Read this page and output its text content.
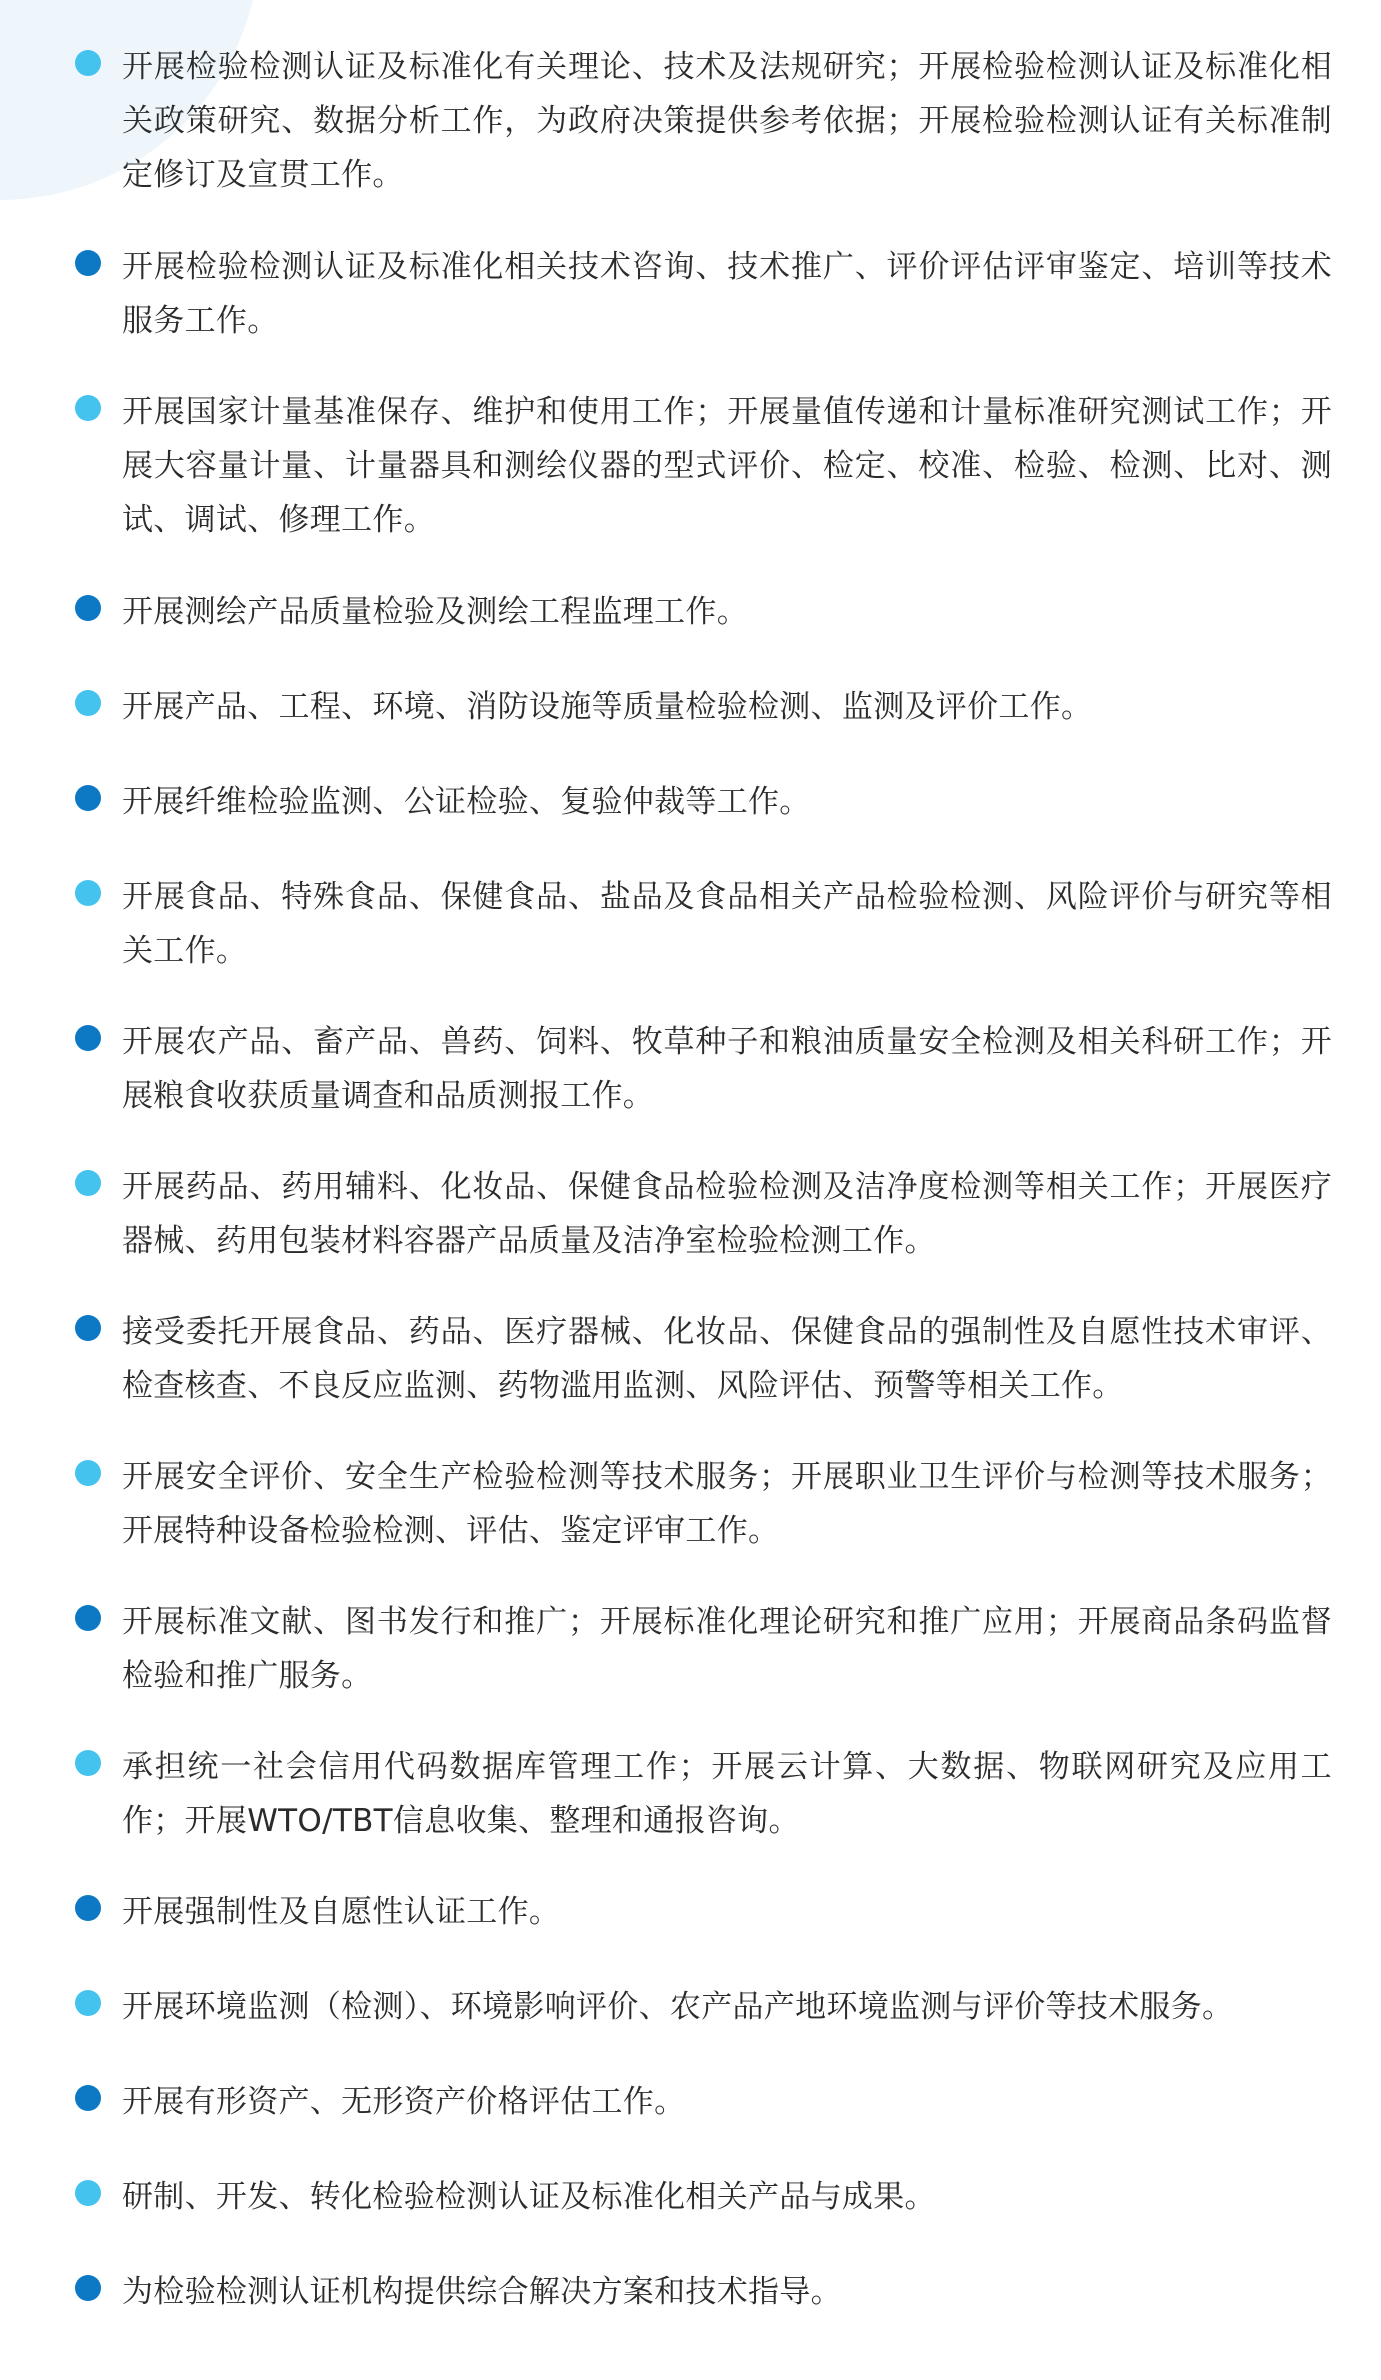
开展检验检测认证及标准化有关理论、技术及法规研究；开展检验检测认证及标准化相关政策研究、数据分析工作，为政府决策提供参考依据；开展检验检测认证有关标准制定修订及宣贯工作。
开展检验检测认证及标准化相关技术咨询、技术推广、评价评估评审鉴定、培训等技术服务工作。
开展国家计量基准保存、维护和使用工作；开展量值传递和计量标准研究测试工作；开展大容量计量、计量器具和测绘仪器的型式评价、检定、校准、检验、检测、比对、测试、调试、修理工作。
开展测绘产品质量检验及测绘工程监理工作。
开展产品、工程、环境、消防设施等质量检验检测、监测及评价工作。
开展纤维检验监测、公证检验、复验仲裁等工作。
开展食品、特殊食品、保健食品、盐品及食品相关产品检验检测、风险评价与研究等相关工作。
开展农产品、畜产品、兽药、饲料、牧草种子和粮油质量安全检测及相关科研工作；开展粮食收获质量调查和品质测报工作。
开展药品、药用辅料、化妆品、保健食品检验检测及洁净度检测等相关工作；开展医疗器械、药用包装材料容器产品质量及洁净室检验检测工作。
接受委托开展食品、药品、医疗器械、化妆品、保健食品的强制性及自愿性技术审评、检查核查、不良反应监测、药物滥用监测、风险评估、预警等相关工作。
开展安全评价、安全生产检验检测等技术服务；开展职业卫生评价与检测等技术服务；开展特种设备检验检测、评估、鉴定评审工作。
开展标准文献、图书发行和推广；开展标准化理论研究和推广应用；开展商品条码监督检验和推广服务。
承担统一社会信用代码数据库管理工作；开展云计算、大数据、物联网研究及应用工作；开展WTO/TBT信息收集、整理和通报咨询。
开展强制性及自愿性认证工作。
开展环境监测（检测）、环境影响评价、农产品产地环境监测与评价等技术服务。
开展有形资产、无形资产价格评估工作。
研制、开发、转化检验检测认证及标准化相关产品与成果。
为检验检测认证机构提供综合解决方案和技术指导。
